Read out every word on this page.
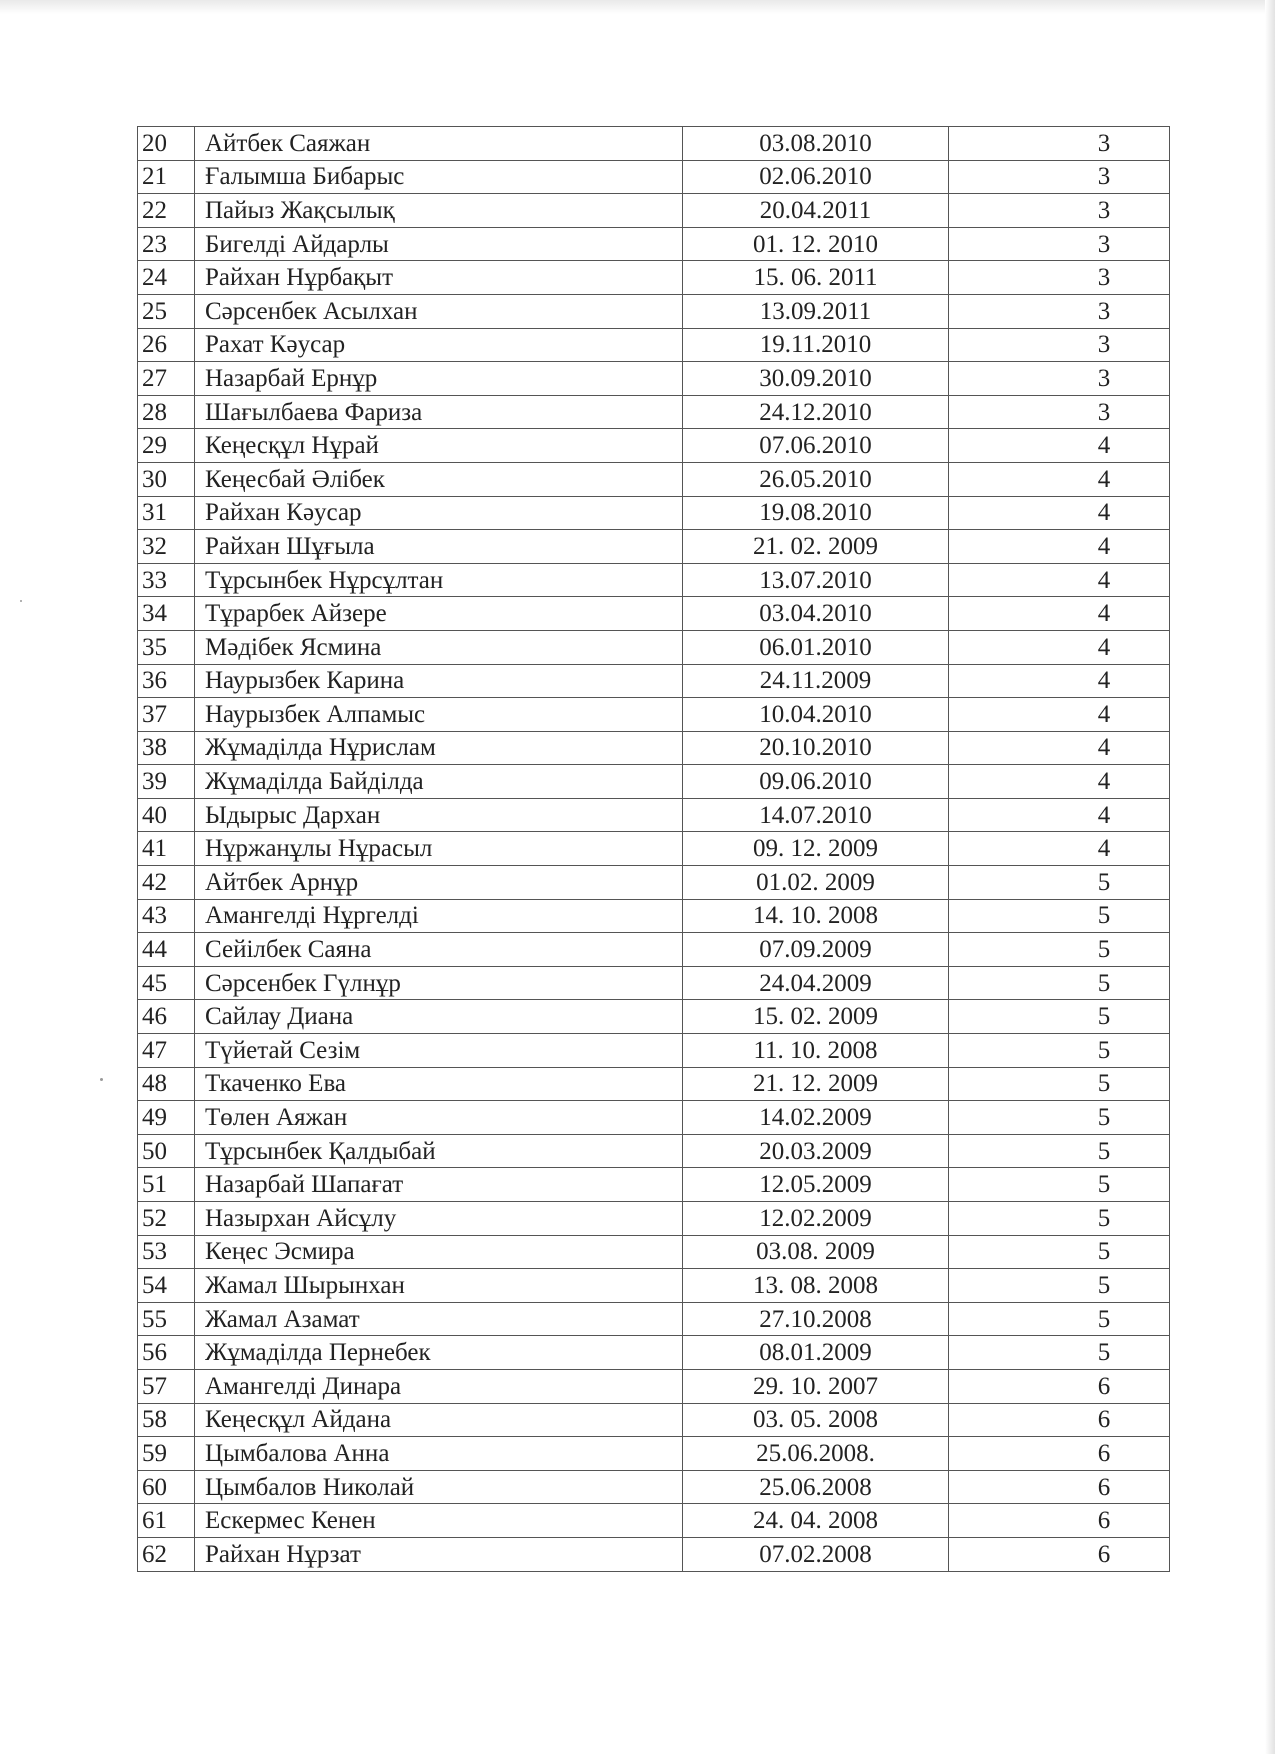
20	Айтбек Саяжан	03.08.2010	3
21	Ғалымша Бибарыс	02.06.2010	3
22	Пайыз Жақсылық	20.04.2011	3
23	Бигелді Айдарлы	01. 12. 2010	3
24	Райхан Нұрбақыт	15. 06. 2011	3
25	Сәрсенбек Асылхан	13.09.2011	3
26	Рахат Кәусар	19.11.2010	3
27	Назарбай Ернұр	30.09.2010	3
28	Шағылбаева Фариза	24.12.2010	3
29	Кеңесқұл Нұрай	07.06.2010	4
30	Кеңесбай Әлібек	26.05.2010	4
31	Райхан Кәусар	19.08.2010	4
32	Райхан Шұғыла	21. 02. 2009	4
33	Тұрсынбек Нұрсұлтан	13.07.2010	4
34	Тұрарбек Айзере	03.04.2010	4
35	Мәдібек Ясмина	06.01.2010	4
36	Наурызбек Карина	24.11.2009	4
37	Наурызбек Алпамыс	10.04.2010	4
38	Жұмаділда Нұрислам	20.10.2010	4
39	Жұмаділда Байділда	09.06.2010	4
40	Ыдырыс Дархан	14.07.2010	4
41	Нұржанұлы Нұрасыл	09. 12. 2009	4
42	Айтбек Арнұр	01.02. 2009	5
43	Амангелді Нұргелді	14. 10. 2008	5
44	Сейілбек Саяна	07.09.2009	5
45	Сәрсенбек Гүлнұр	24.04.2009	5
46	Сайлау Диана	15. 02. 2009	5
47	Түйетай Сезім	11. 10. 2008	5
48	Ткаченко Ева	21. 12. 2009	5
49	Төлен Аяжан	14.02.2009	5
50	Тұрсынбек Қалдыбай	20.03.2009	5
51	Назарбай Шапағат	12.05.2009	5
52	Назырхан Айсұлу	12.02.2009	5
53	Кеңес Эсмира	03.08. 2009	5
54	Жамал Шырынхан	13. 08. 2008	5
55	Жамал Азамат	27.10.2008	5
56	Жұмаділда Пернебек	08.01.2009	5
57	Амангелді Динара	29. 10. 2007	6
58	Кеңесқұл Айдана	03. 05. 2008	6
59	Цымбалова Анна	25.06.2008.	6
60	Цымбалов Николай	25.06.2008	6
61	Ескермес Кенен	24. 04. 2008	6
62	Райхан Нұрзат	07.02.2008	6
